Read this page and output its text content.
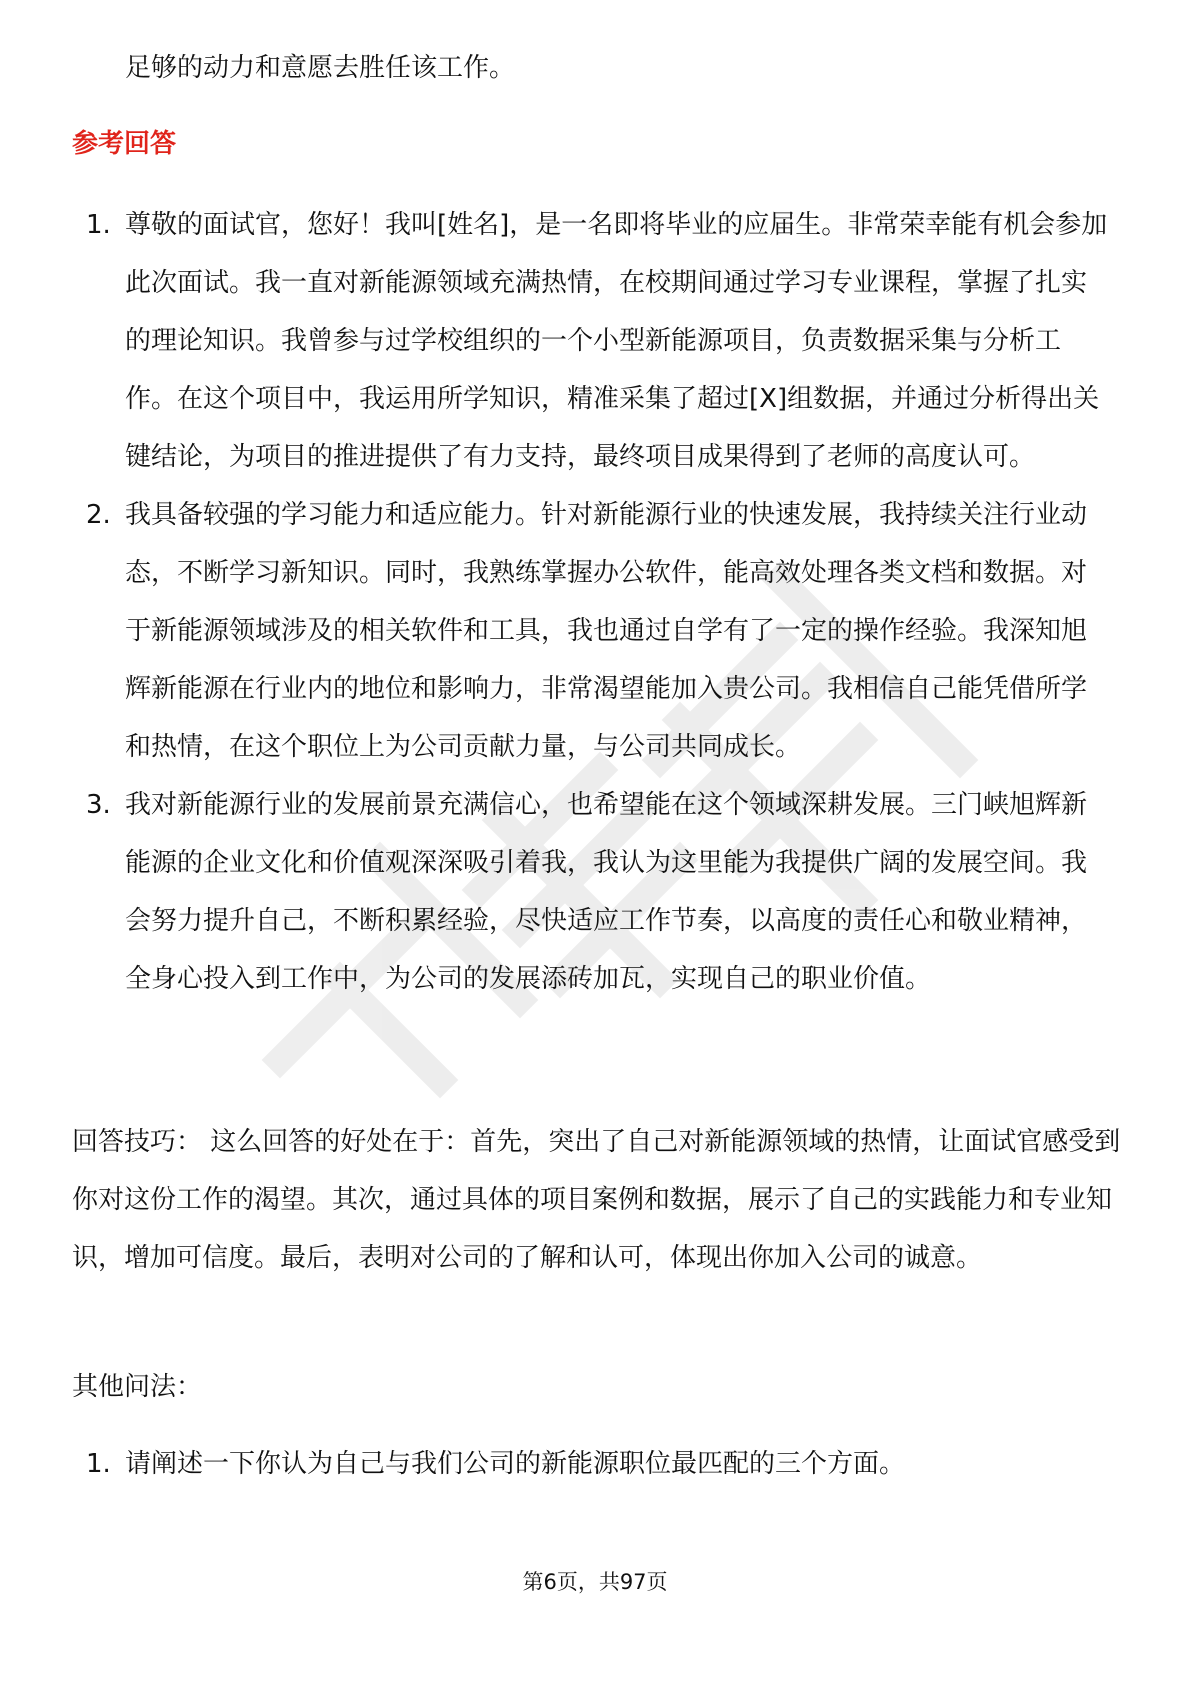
足够的动力和意愿去胜任该工作。
参考回答
1. 尊敬的面试官，您好！我叫[姓名]，是一名即将毕业的应届生。非常荣幸能有机会参加此次面试。我一直对新能源领域充满热情，在校期间通过学习专业课程，掌握了扎实的理论知识。我曾参与过学校组织的一个小型新能源项目，负责数据采集与分析工作。在这个项目中，我运用所学知识，精准采集了超过[X]组数据，并通过分析得出关键结论，为项目的推进提供了有力支持，最终项目成果得到了老师的高度认可。
2. 我具备较强的学习能力和适应能力。针对新能源行业的快速发展，我持续关注行业动态，不断学习新知识。同时，我熟练掌握办公软件，能高效处理各类文档和数据。对于新能源领域涉及的相关软件和工具，我也通过自学有了一定的操作经验。我深知旭辉新能源在行业内的地位和影响力，非常渴望能加入贵公司。我相信自己能凭借所学和热情，在这个职位上为公司贡献力量，与公司共同成长。
3. 我对新能源行业的发展前景充满信心，也希望能在这个领域深耕发展。三门峡旭辉新能源的企业文化和价值观深深吸引着我，我认为这里能为我提供广阔的发展空间。我会努力提升自己，不断积累经验，尽快适应工作节奏，以高度的责任心和敬业精神，全身心投入到工作中，为公司的发展添砖加瓦，实现自己的职业价值。
回答技巧： 这么回答的好处在于：首先，突出了自己对新能源领域的热情，让面试官感受到你对这份工作的渴望。其次，通过具体的项目案例和数据，展示了自己的实践能力和专业知识，增加可信度。最后，表明对公司的了解和认可，体现出你加入公司的诚意。
其他问法：
1. 请阐述一下你认为自己与我们公司的新能源职位最匹配的三个方面。
第6页，共97页
